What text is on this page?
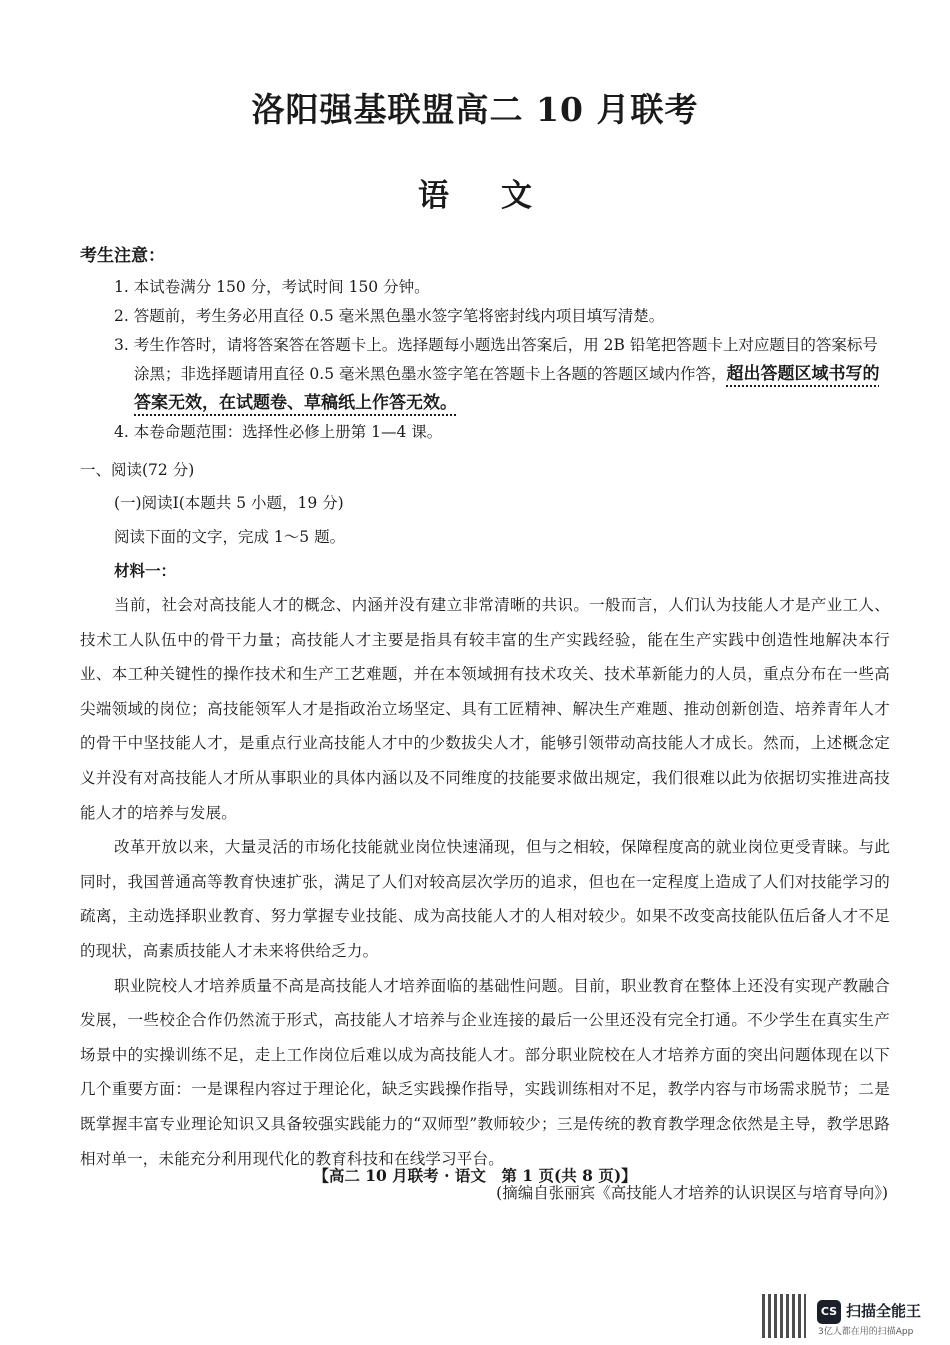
洛阳强基联盟高二 10 月联考
语文
考生注意：
1. 本试卷满分 150 分，考试时间 150 分钟。
2. 答题前，考生务必用直径 0.5 毫米黑色墨水签字笔将密封线内项目填写清楚。
3. 考生作答时，请将答案答在答题卡上。选择题每小题选出答案后，用 2B 铅笔把答题卡上对应题目的答案标号涂黑；非选择题请用直径 0.5 毫米黑色墨水签字笔在答题卡上各题的答题区域内作答，超出答题区域书写的答案无效，在试题卷、草稿纸上作答无效。
4. 本卷命题范围：选择性必修上册第 1—4 课。
一、阅读(72 分)
(一)阅读Ⅰ(本题共 5 小题，19 分)
阅读下面的文字，完成 1～5 题。
材料一：

当前，社会对高技能人才的概念、内涵并没有建立非常清晰的共识。一般而言，人们认为技能人才是产业工人、技术工人队伍中的骨干力量；高技能人才主要是指具有较丰富的生产实践经验，能在生产实践中创造性地解决本行业、本工种关键性的操作技术和生产工艺难题，并在本领域拥有技术攻关、技术革新能力的人员，重点分布在一些高尖端领域的岗位；高技能领军人才是指政治立场坚定、具有工匠精神、解决生产难题、推动创新创造、培养青年人才的骨干中坚技能人才，是重点行业高技能人才中的少数拔尖人才，能够引领带动高技能人才成长。然而，上述概念定义并没有对高技能人才所从事职业的具体内涵以及不同维度的技能要求做出规定，我们很难以此为依据切实推进高技能人才的培养与发展。

改革开放以来，大量灵活的市场化技能就业岗位快速涌现，但与之相较，保障程度高的就业岗位更受青睐。与此同时，我国普通高等教育快速扩张，满足了人们对较高层次学历的追求，但也在一定程度上造成了人们对技能学习的疏离，主动选择职业教育、努力掌握专业技能、成为高技能人才的人相对较少。如果不改变高技能队伍后备人才不足的现状，高素质技能人才未来将供给乏力。

职业院校人才培养质量不高是高技能人才培养面临的基础性问题。目前，职业教育在整体上还没有实现产教融合发展，一些校企合作仍然流于形式，高技能人才培养与企业连接的最后一公里还没有完全打通。不少学生在真实生产场景中的实操训练不足，走上工作岗位后难以成为高技能人才。部分职业院校在人才培养方面的突出问题体现在以下几个重要方面：一是课程内容过于理论化，缺乏实践操作指导，实践训练相对不足，教学内容与市场需求脱节；二是既掌握丰富专业理论知识又具备较强实践能力的“双师型”教师较少；三是传统的教育教学理念依然是主导，教学思路相对单一，未能充分利用现代化的教育科技和在线学习平台。

(摘编自张丽宾《高技能人才培养的认识误区与培育导向》)
【高二 10 月联考 · 语文　第 1 页(共 8 页)】
CS 扫描全能王
3亿人都在用的扫描App
